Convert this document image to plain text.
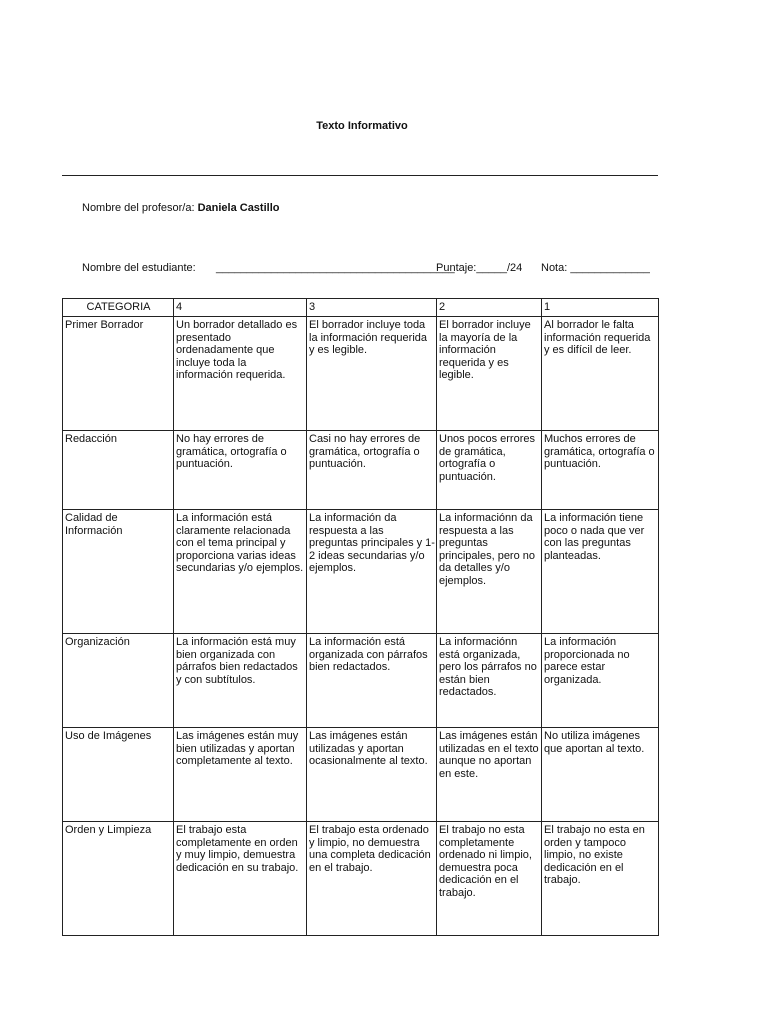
Texto Informativo
Nombre del profesor/a: Daniela Castillo
Nombre del estudiante: _______________________________________
Puntaje:_____/24 Nota: _____________
CATEGORIA	4	3	2	1
Primer Borrador	Un borrador detallado es presentado ordenadamente que incluye toda la información requerida.	El borrador incluye toda la información requerida y es legible.	El borrador incluye la mayoría de la información requerida y es legible.	Al borrador le falta información requerida y es difícil de leer.
Redacción	No hay errores de gramática, ortografía o puntuación.	Casi no hay errores de gramática, ortografía o puntuación.	Unos pocos errores de gramática, ortografía o puntuación.	Muchos errores de gramática, ortografía o puntuación.
Calidad de Información	La información está claramente relacionada con el tema principal y proporciona varias ideas secundarias y/o ejemplos.	La información da respuesta a las preguntas principales y 1-2 ideas secundarias y/o ejemplos.	La informaciónn da respuesta a las preguntas principales, pero no da detalles y/o ejemplos.	La información tiene poco o nada que ver con las preguntas planteadas.
Organización	La información está muy bien organizada con párrafos bien redactados y con subtítulos.	La información está organizada con párrafos bien redactados.	La informaciónn está organizada, pero los párrafos no están bien redactados.	La información proporcionada no parece estar organizada.
Uso de Imágenes	Las imágenes están muy bien utilizadas y aportan completamente al texto.	Las imágenes están utilizadas y aportan ocasionalmente al texto.	Las imágenes están utilizadas en el texto aunque no aportan en este.	No utiliza imágenes que aportan al texto.
Orden y Limpieza	El trabajo esta completamente en orden y muy limpio, demuestra dedicación en su trabajo.	El trabajo esta ordenado y limpio, no demuestra una completa dedicación en el trabajo.	El trabajo no esta completamente ordenado ni limpio, demuestra poca dedicación en el trabajo.	El trabajo no esta en orden y tampoco limpio, no existe dedicación en el trabajo.
